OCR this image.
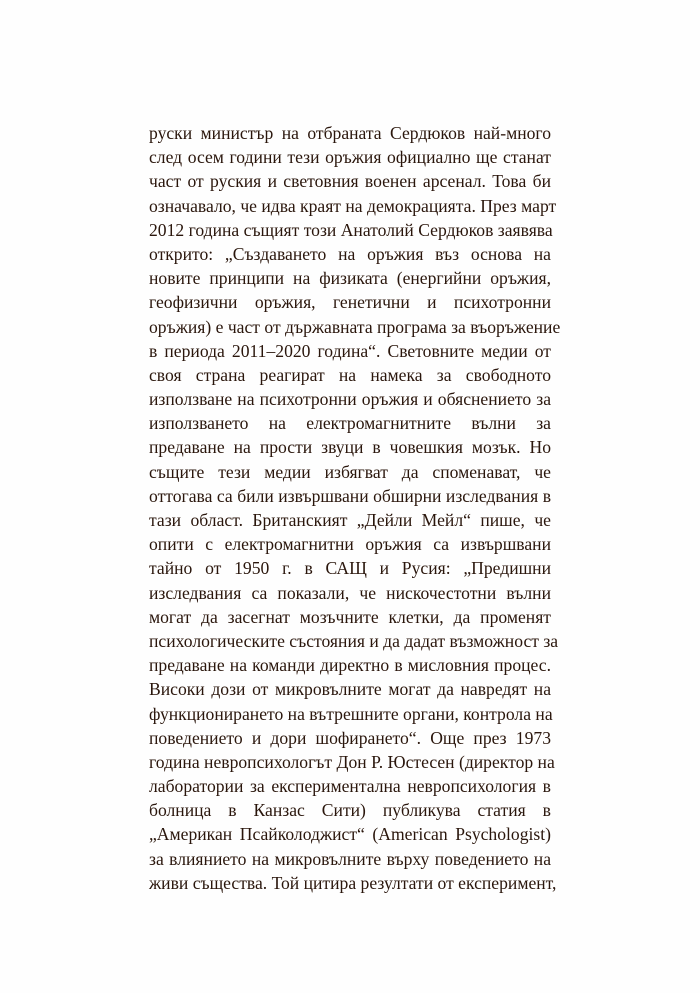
руски министър на отбраната Сердюков най-много
след осем години тези оръжия официално ще станат
част от руския и световния военен арсенал. Това би
означавало, че идва краят на демокрацията. През март
2012 година същият този Анатолий Сердюков заявява
открито: „Създаването на оръжия въз основа на
новите принципи на физиката (енергийни оръжия,
геофизични оръжия, генетични и психотронни
оръжия) е част от държавната програма за въоръжение
в периода 2011–2020 година“. Световните медии от
своя страна реагират на намека за свободното
използване на психотронни оръжия и обяснението за
използването на електромагнитните вълни за
предаване на прости звуци в човешкия мозък. Но
същите тези медии избягват да споменават, че
оттогава са били извършвани обширни изследвания в
тази област. Британският „Дейли Мейл“ пише, че
опити с електромагнитни оръжия са извършвани
тайно от 1950 г. в САЩ и Русия: „Предишни
изследвания са показали, че нискочестотни вълни
могат да засегнат мозъчните клетки, да променят
психологическите състояния и да дадат възможност за
предаване на команди директно в мисловния процес.
Високи дози от микровълните могат да навредят на
функционирането на вътрешните органи, контрола на
поведението и дори шофирането“. Още през 1973
година невропсихологът Дон Р. Юстесен (директор на
лаборатории за експериментална невропсихология в
болница в Канзас Сити) публикува статия в
„Американ Псайколоджист“ (American Psychologist)
за влиянието на микровълните върху поведението на
живи същества. Той цитира резултати от експеримент,
